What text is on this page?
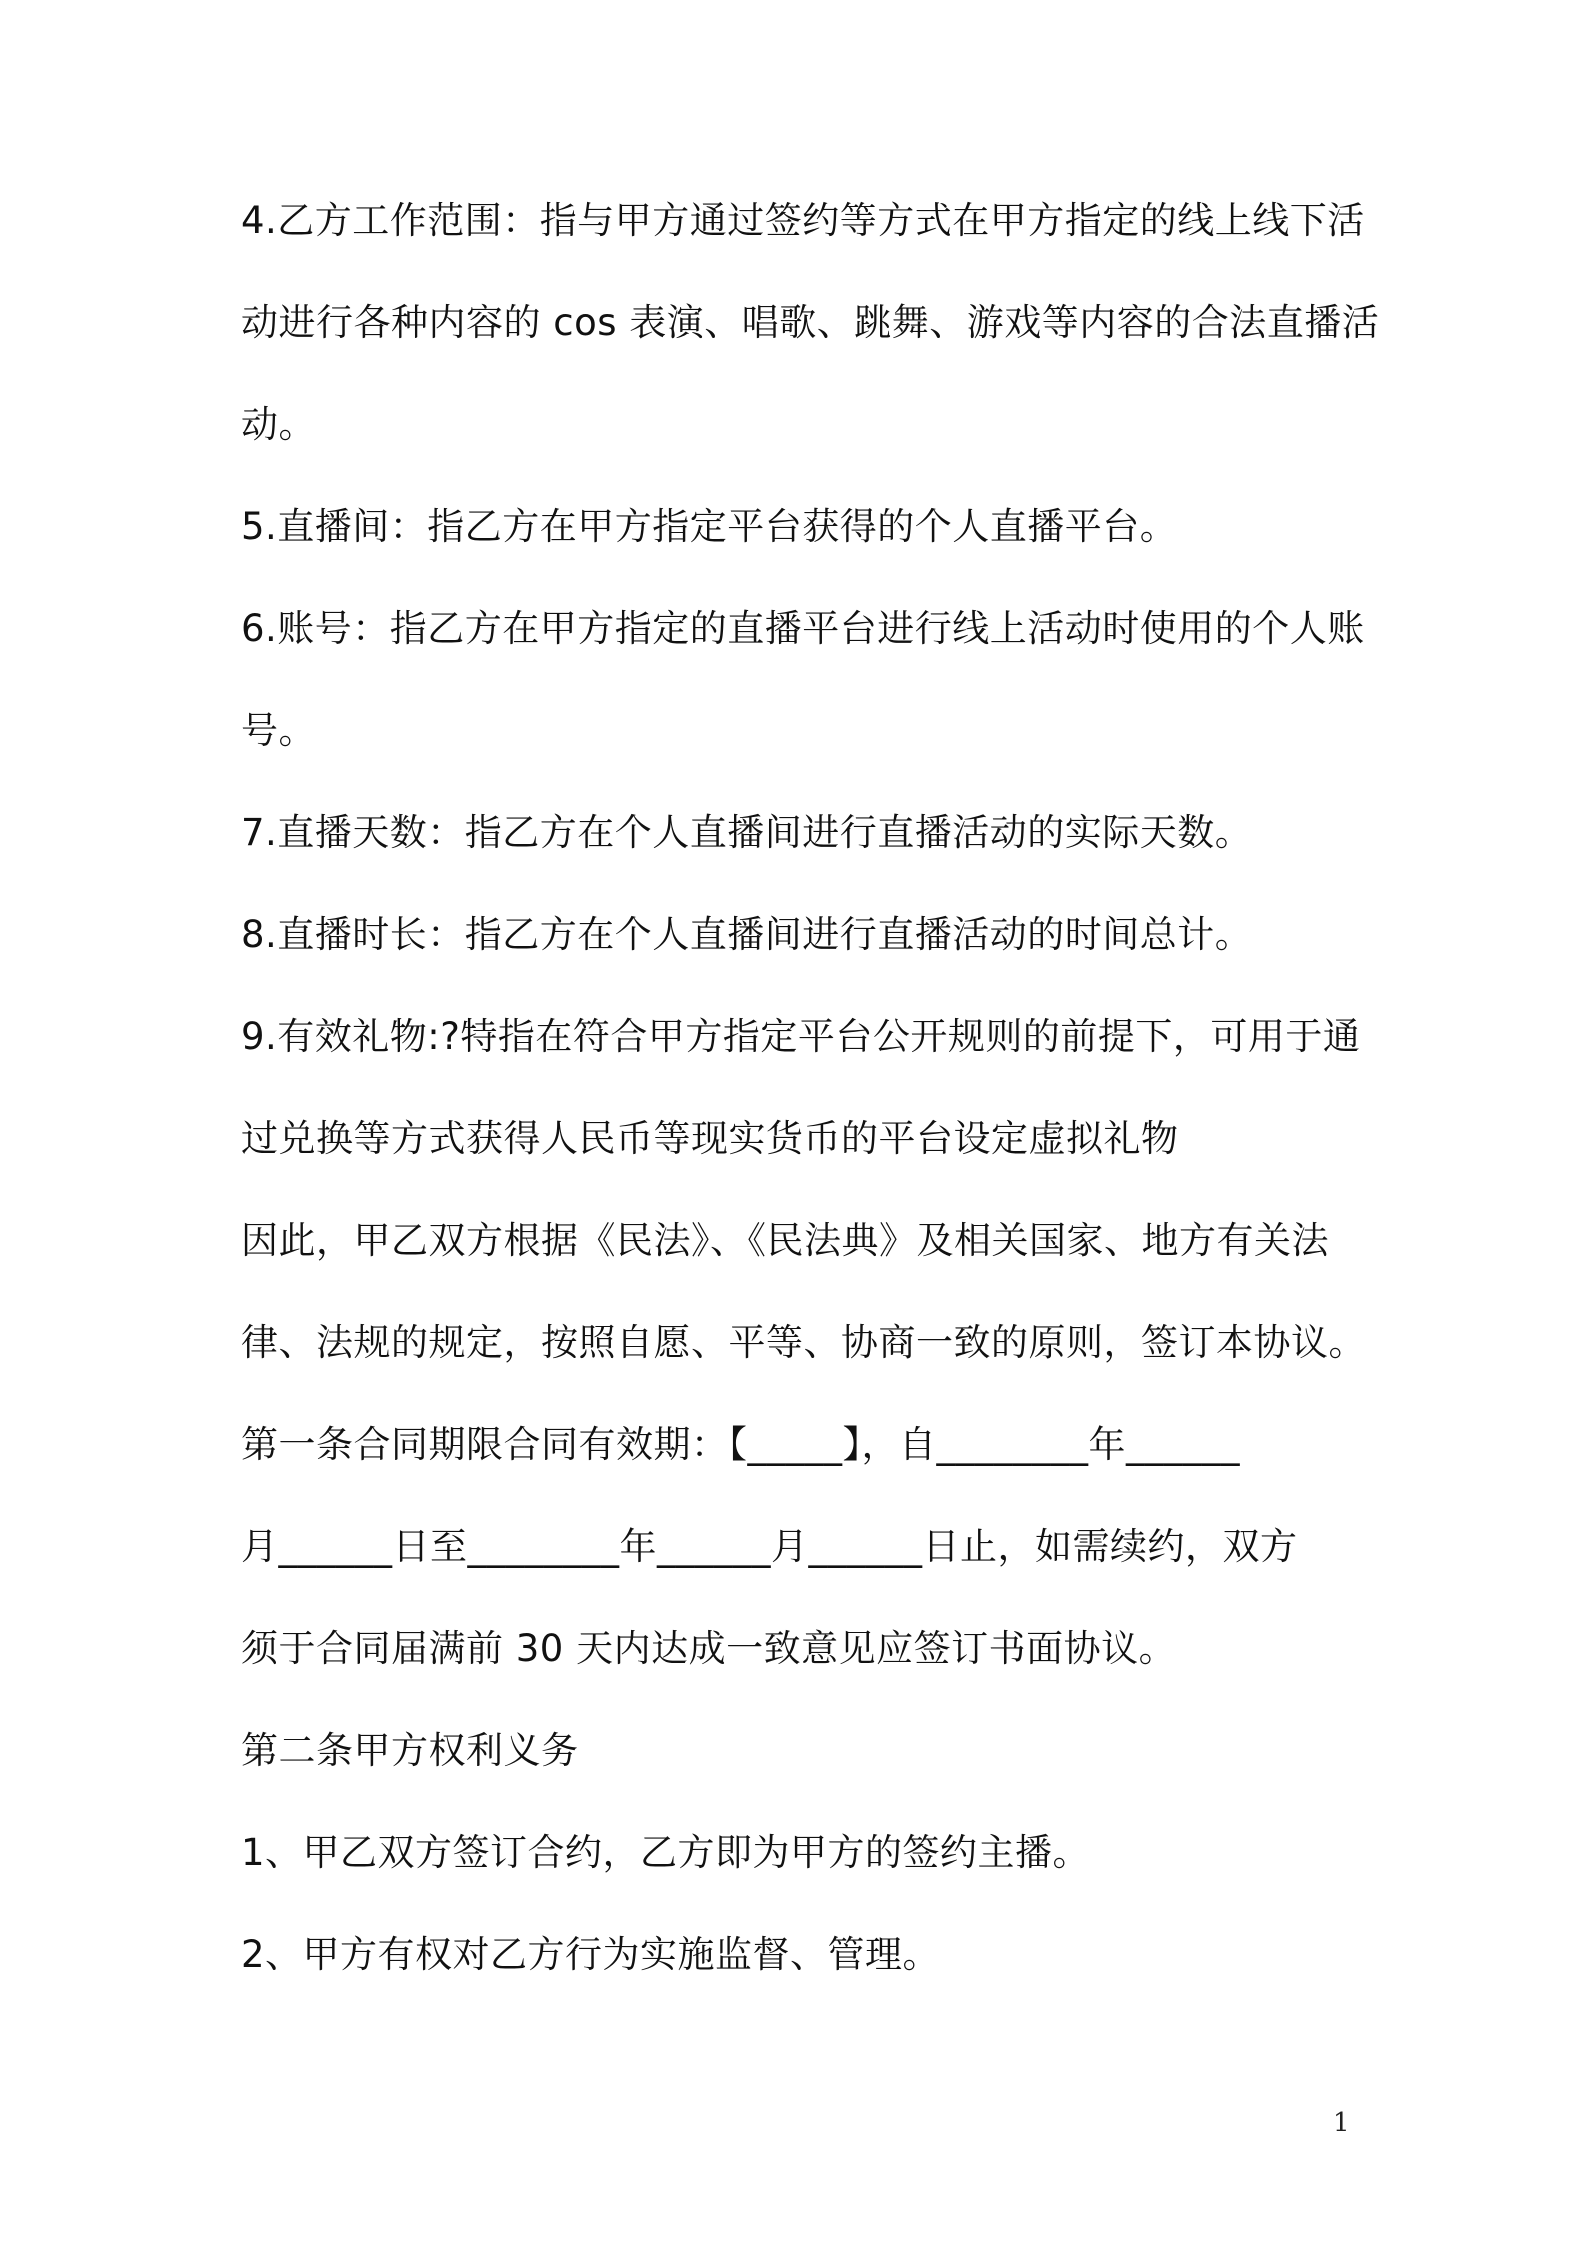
4.乙方工作范围：指与甲方通过签约等方式在甲方指定的线上线下活
动进行各种内容的 cos 表演、唱歌、跳舞、游戏等内容的合法直播活
动。
5.直播间：指乙方在甲方指定平台获得的个人直播平台。
6.账号：指乙方在甲方指定的直播平台进行线上活动时使用的个人账
号。
7.直播天数：指乙方在个人直播间进行直播活动的实际天数。
8.直播时长：指乙方在个人直播间进行直播活动的时间总计。
9.有效礼物:?特指在符合甲方指定平台公开规则的前提下，可用于通
过兑换等方式获得人民币等现实货币的平台设定虚拟礼物
因此，甲乙双方根据《民法》、《民法典》及相关国家、地方有关法
律、法规的规定，按照自愿、平等、协商一致的原则，签订本协议。
第一条合同期限合同有效期：【_____】，自________年______
月______日至________年______月______日止，如需续约，双方
须于合同届满前 30 天内达成一致意见应签订书面协议。
第二条甲方权利义务
1、甲乙双方签订合约，乙方即为甲方的签约主播。
2、甲方有权对乙方行为实施监督、管理。
1
